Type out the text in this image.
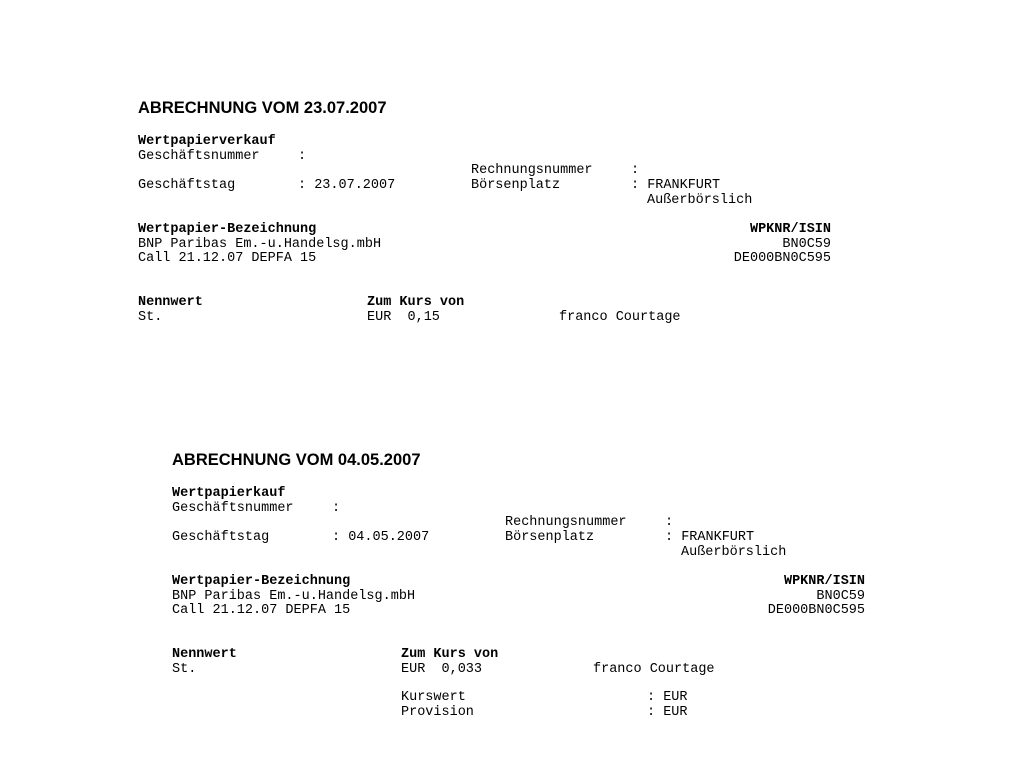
ABRECHNUNG VOM 23.07.2007
Wertpapierverkauf
Geschäftsnummer	:
Rechnungsnummer	:
Geschäftstag	: 23.07.2007	Börsenplatz	: FRANKFURT
Außerbörslich
Wertpapier-Bezeichnung	WPKNR/ISIN
BNP Paribas Em.-u.Handelsg.mbH	BN0C59
Call 21.12.07 DEPFA 15	DE000BN0C595
Nennwert	Zum Kurs von
St.	EUR  0,15	franco Courtage
ABRECHNUNG VOM 04.05.2007
Wertpapierkauf
Geschäftsnummer	:
Rechnungsnummer	:
Geschäftstag	: 04.05.2007	Börsenplatz	: FRANKFURT
Außerbörslich
Wertpapier-Bezeichnung	WPKNR/ISIN
BNP Paribas Em.-u.Handelsg.mbH	BN0C59
Call 21.12.07 DEPFA 15	DE000BN0C595
Nennwert	Zum Kurs von
St.	EUR  0,033	franco Courtage
Kurswert	: EUR
Provision	: EUR
